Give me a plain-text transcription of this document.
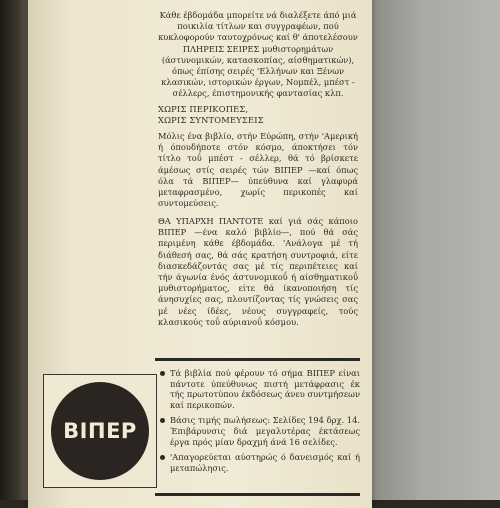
Κάθε έβδομάδα μπορείτε νά διαλέξετε άπό μιά ποικιλία τίτλων και συγγραφέων, πού κυκλοφορούν ταυτοχρόνως καί θ' άποτελέσουν ΠΛΗΡΕΙΣ ΣΕΙΡΕΣ μυθιστορημάτων (άστυνομικών, κατασκοπίας, αίσθηματικών), όπως έπίσης σειρές 'Ελλήνων και Ξένων κλασικών, ιστορικών έργων, Νομπέλ, μπέστ - σέλλερς, έπιστημονικής φαντασίας κλπ.

ΧΩΡΙΣ ΠΕΡΙΚΟΠΕΣ,

ΧΩΡΙΣ ΣΥΝΤΟΜΕΥΣΕΙΣ

Μόλις ένα βιβλίο, στήν Εύρώπη, στήν 'Αμερική ή όπουδήποτε στόν κόσμο, άποκτήσει τόν τίτλο τοΰ μπέστ - σέλλερ, θά τό βρίσκετε άμέσως στίς σειρές τών ΒΙΠΕΡ —καί όπως όλα τά ΒΙΠΕΡ— ύπεύθυνα καί γλαφυρά μεταφρασμένο, χωρίς περικοπές καί συντομεύσεις.

ΘΑ ΥΠΑΡΧΗ ΠΑΝΤΟΤΕ καί γιά σάς κάποιο ΒΙΠΕΡ —ένα καλό βιβλίο—, πού θά σάς περιμένη κάθε έβδομάδα. 'Ανάλογα μέ τή διάθεσή σας, θά σάς κρατήση συντροφιά, είτε διασκεδάζοντάς σας μέ τίς περιπέτειες καί τήν άγωνία ένός άστυνομικοΰ ή αίσθηματικοΰ μυθιστορήματος, είτε θά ίκανοποιήση τίς άνησυχίες σας, πλουτίζοντας τίς γνώσεις σας μέ νέες ίδέες, νέους συγγραφείς, τούς κλασικούς τοΰ αύριανοΰ κόσμου.

ΒΙΠΕΡ
Τά βιβλία πού φέρουν τό σήμα ΒΙΠΕΡ είναι πάντοτε ύπεύθυνως πιστή μετάφρασις έκ τής πρωτοτύπου έκδόσεως άνευ συντμήσεων καί περικοπών.
Βάσις τιμής πωλήσεως: Σελίδες 194 δρχ. 14. Έπιβάρυνσις διά μεγαλυτέρας έκτάσεως έργα πρός μίαν δραχμή άνά 16 σελίδες.
'Απαγορεύεται αύστηρώς ό δανεισμός καί ή μεταπώλησις.
